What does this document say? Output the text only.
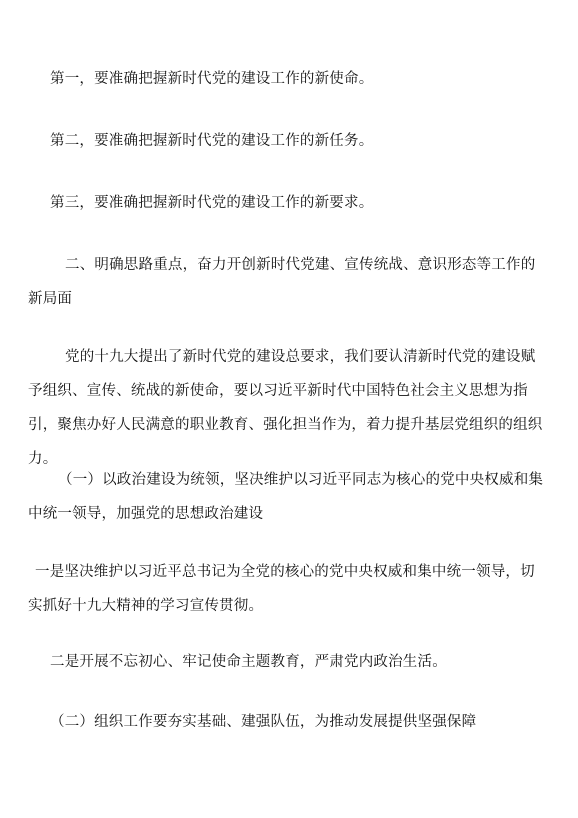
第一，要准确把握新时代党的建设工作的新使命。

第二，要准确把握新时代党的建设工作的新任务。

第三，要准确把握新时代党的建设工作的新要求。

二、明确思路重点，奋力开创新时代党建、宣传统战、意识形态等工作的新局面

党的十九大提出了新时代党的建设总要求，我们要认清新时代党的建设赋予组织、宣传、统战的新使命，要以习近平新时代中国特色社会主义思想为指引，聚焦办好人民满意的职业教育、强化担当作为，着力提升基层党组织的组织力。

（一）以政治建设为统领，坚决维护以习近平同志为核心的党中央权威和集中统一领导，加强党的思想政治建设

一是坚决维护以习近平总书记为全党的核心的党中央权威和集中统一领导，切实抓好十九大精神的学习宣传贯彻。

二是开展不忘初心、牢记使命主题教育，严肃党内政治生活。

（二）组织工作要夯实基础、建强队伍，为推动发展提供坚强保障
